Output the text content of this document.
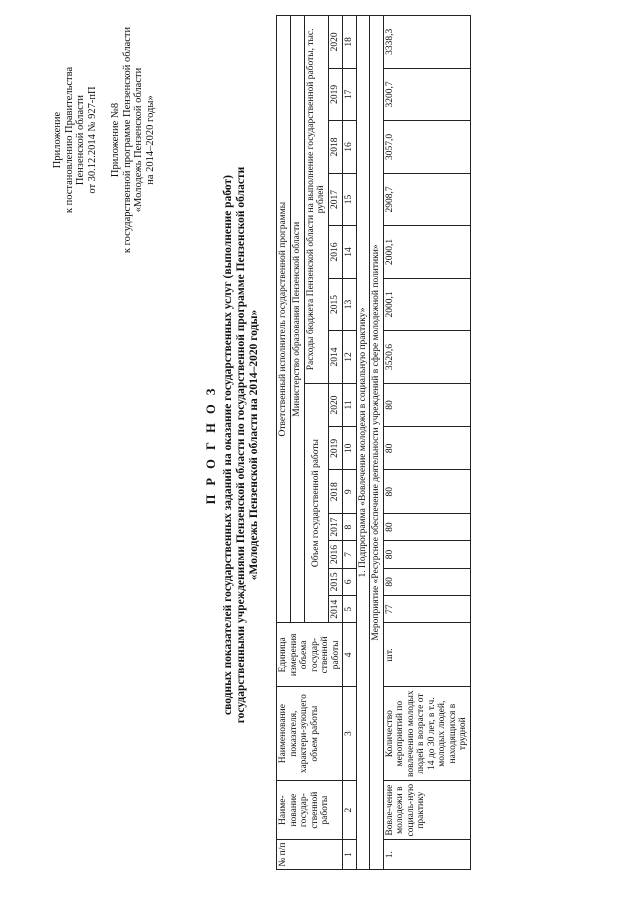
Приложение к постановлению Правительства Пензенской области от 30.12.2014 № 927-пП Приложение №8 к государственной программе Пензенской области «Молодежь Пензенской области на 2014–2020 годы»
П Р О Г Н О З сводных показателей государственных заданий на оказание государственных услуг (выполнение работ) государственными учреждениями Пензенской области по государственной программе Пензенской области «Молодежь Пензенской области на 2014–2020 годы»
№ п/п	Наиме-нование государ-ственной работы	Наименование показателя, характери-зующего объем работы	Единица измерения объема государ-ственной работы	Ответственный исполнитель государственной программы													
				Министерство образования Пензенской области													
				Объем государственной работы							Расходы бюджета Пензенской области на выполнение государственной работы, тыс. рублей						
				2014	2015	2016	2017	2018	2019	2020	2014	2015	2016	2017	2018	2019	2020
1	2	3	4	5	6	7	8	9	10	11	12	13	14	15	16	17	18
1. Подпрограмма «Вовлечение молодежи в социальную практику»																	
Мероприятие «Ресурсное обеспечение деятельности учреждений в сфере молодежной политики»																	
1.	Вовле-чение молодежи в социаль-ную практику	Количество мероприятий по вовлечению молодых людей в возрасте от 14 до 30 лет, в т.ч. молодых людей, находящихся в трудной	шт.	77	80	80	80	80	80	80	3520,6	2000,1	2000,1	2908,7	3057,0	3200,7	3338,3
